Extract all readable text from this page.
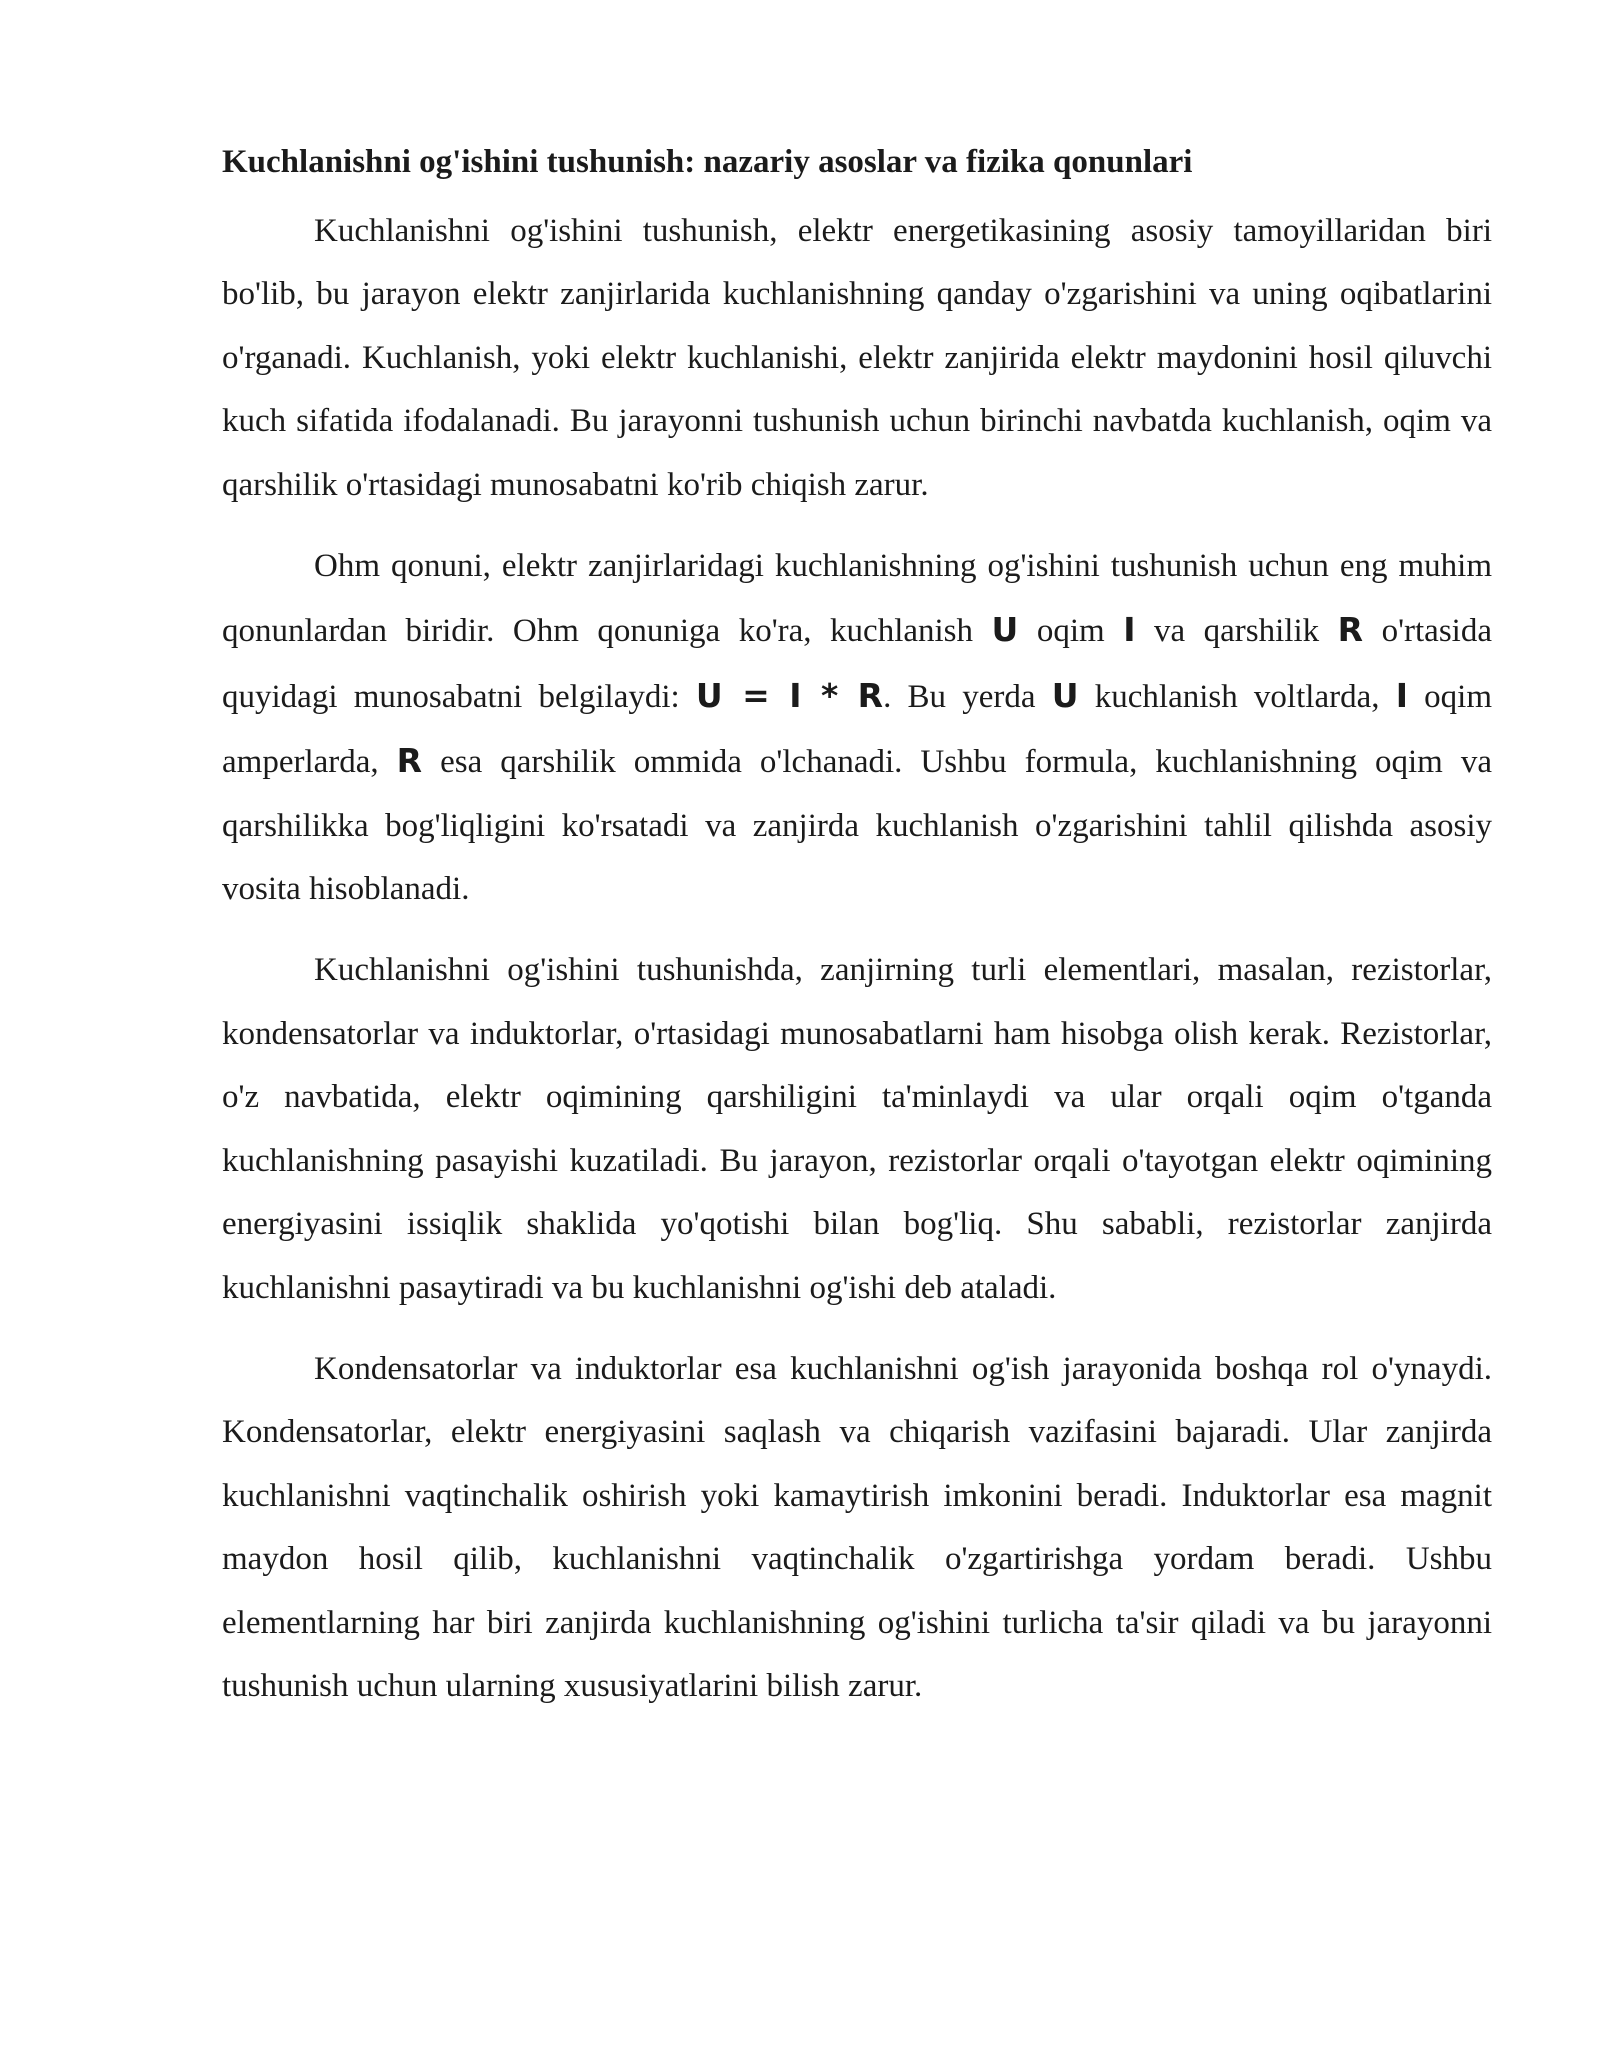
Kuchlanishni og'ishini tushunish: nazariy asoslar va fizika qonunlari

Kuchlanishni og'ishini tushunish, elektr energetikasining asosiy tamoyillaridan biri bo'lib, bu jarayon elektr zanjirlarida kuchlanishning qanday o'zgarishini va uning oqibatlarini o'rganadi. Kuchlanish, yoki elektr kuchlanishi, elektr zanjirida elektr maydonini hosil qiluvchi kuch sifatida ifodalanadi. Bu jarayonni tushunish uchun birinchi navbatda kuchlanish, oqim va qarshilik o'rtasidagi munosabatni ko'rib chiqish zarur.

Ohm qonuni, elektr zanjirlaridagi kuchlanishning og'ishini tushunish uchun eng muhim qonunlardan biridir. Ohm qonuniga ko'ra, kuchlanish U oqim I va qarshilik R o'rtasida quyidagi munosabatni belgilaydi: U = I * R. Bu yerda U kuchlanish voltlarda, I oqim amperlarda, R esa qarshilik ommida o'lchanadi. Ushbu formula, kuchlanishning oqim va qarshilikka bog'liqligini ko'rsatadi va zanjirda kuchlanish o'zgarishini tahlil qilishda asosiy vosita hisoblanadi.

Kuchlanishni og'ishini tushunishda, zanjirning turli elementlari, masalan, rezistorlar, kondensatorlar va induktorlar, o'rtasidagi munosabatlarni ham hisobga olish kerak. Rezistorlar, o'z navbatida, elektr oqimining qarshiligini ta'minlaydi va ular orqali oqim o'tganda kuchlanishning pasayishi kuzatiladi. Bu jarayon, rezistorlar orqali o'tayotgan elektr oqimining energiyasini issiqlik shaklida yo'qotishi bilan bog'liq. Shu sababli, rezistorlar zanjirda kuchlanishni pasaytiradi va bu kuchlanishni og'ishi deb ataladi.

Kondensatorlar va induktorlar esa kuchlanishni og'ish jarayonida boshqa rol o'ynaydi. Kondensatorlar, elektr energiyasini saqlash va chiqarish vazifasini bajaradi. Ular zanjirda kuchlanishni vaqtinchalik oshirish yoki kamaytirish imkonini beradi. Induktorlar esa magnit maydon hosil qilib, kuchlanishni vaqtinchalik o'zgartirishga yordam beradi. Ushbu elementlarning har biri zanjirda kuchlanishning og'ishini turlicha ta'sir qiladi va bu jarayonni tushunish uchun ularning xususiyatlarini bilish zarur.
